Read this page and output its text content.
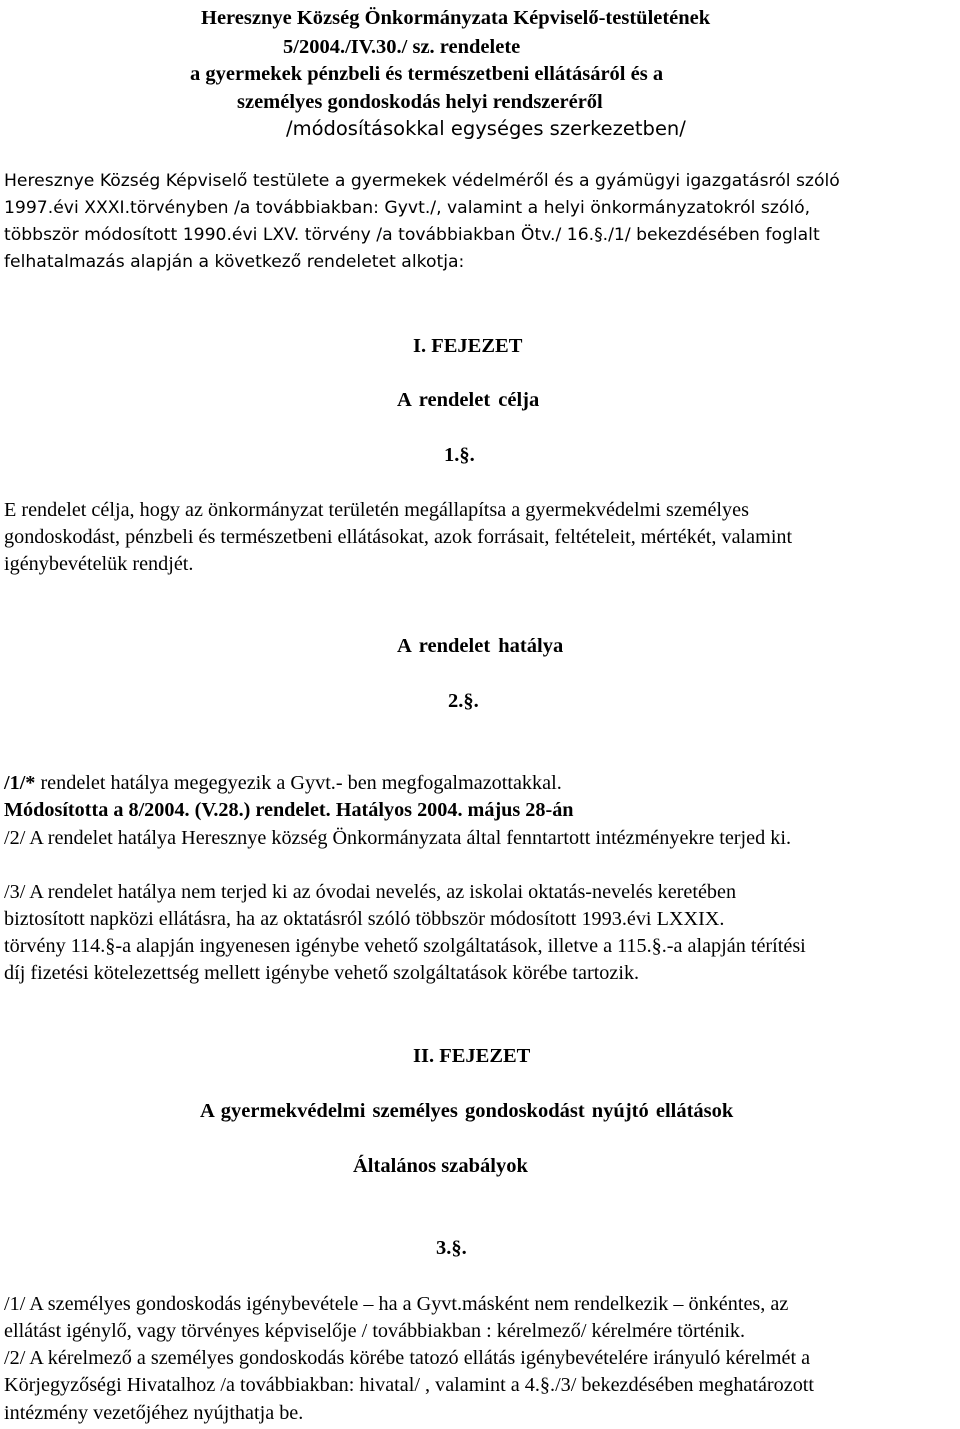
Heresznye Község Önkormányzata Képviselő-testületének
5/2004./IV.30./ sz. rendelete
a gyermekek pénzbeli és természetbeni ellátásáról és a
személyes gondoskodás helyi rendszeréről
/módosításokkal egységes szerkezetben/
Heresznye Község Képviselő testülete a gyermekek védelméről és a gyámügyi igazgatásról szóló
1997.évi XXXI.törvényben /a továbbiakban: Gyvt./, valamint a helyi önkormányzatokról szóló,
többször módosított 1990.évi LXV. törvény /a továbbiakban Ötv./ 16.§./1/ bekezdésében foglalt
felhatalmazás alapján a következő rendeletet alkotja:
I. FEJEZET
A rendelet célja
1.§.
E rendelet célja, hogy az önkormányzat területén megállapítsa a gyermekvédelmi személyes
gondoskodást, pénzbeli és természetbeni ellátásokat, azok forrásait, feltételeit, mértékét, valamint
igénybevételük rendjét.
A rendelet hatálya
2.§.
/1/* rendelet hatálya megegyezik a Gyvt.- ben megfogalmazottakkal.
Módosította a 8/2004. (V.28.) rendelet. Hatályos 2004. május 28-án
/2/ A rendelet hatálya Heresznye község Önkormányzata által fenntartott intézményekre terjed ki.
/3/ A rendelet hatálya nem terjed ki az óvodai nevelés, az iskolai oktatás-nevelés keretében
biztosított napközi ellátásra, ha az oktatásról szóló többször módosított 1993.évi LXXIX.
törvény 114.§-a alapján ingyenesen igénybe vehető szolgáltatások, illetve a 115.§.-a alapján térítési
díj fizetési kötelezettség mellett igénybe vehető szolgáltatások körébe tartozik.
II. FEJEZET
A gyermekvédelmi személyes gondoskodást nyújtó ellátások
Általános szabályok
3.§.
/1/ A személyes gondoskodás igénybevétele – ha a Gyvt.másként nem rendelkezik – önkéntes, az
ellátást igénylő, vagy törvényes képviselője / továbbiakban : kérelmező/ kérelmére történik.
/2/ A kérelmező a személyes gondoskodás körébe tatozó ellátás igénybevételére irányuló kérelmét a
Körjegyzőségi Hivatalhoz /a továbbiakban: hivatal/ , valamint a 4.§./3/ bekezdésében meghatározott
intézmény vezetőjéhez nyújthatja be.
